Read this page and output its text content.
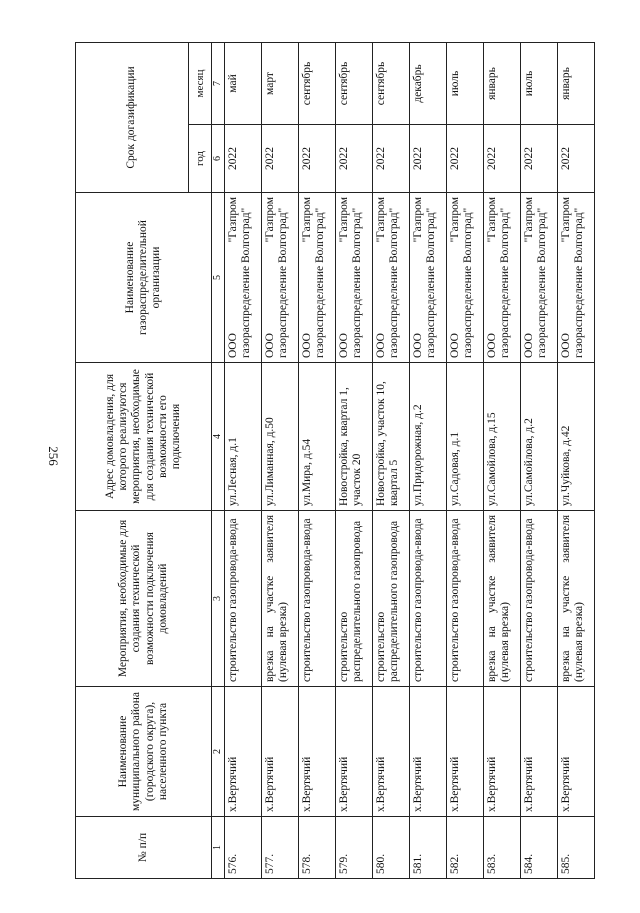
256
№ п/п	Наименование муниципального района (городского округа), населенного пункта	Мероприятия, необходимые для создания технической возможности подключения домовладений	Адрес домовладения, для которого реализуются мероприятия, необходимые для создания технической возможности его подключения	Наименование газораспределительной организации	Срок догазификации	
					год	месяц
1	2	3	4	5	6	7
576.	х.Вертячий	строительство газопровода-ввода	ул.Лесная, д.1	ООО "Газпром газораспределение Волгоград"	2022	май
577.	х.Вертячий	врезка на участке заявителя (нулевая врезка)	ул.Лиманная, д.50	ООО "Газпром газораспределение Волгоград"	2022	март
578.	х.Вертячий	строительство газопровода-ввода	ул.Мира, д.54	ООО "Газпром газораспределение Волгоград"	2022	сентябрь
579.	х.Вертячий	строительство распределительного газопровода	Новостройка, квартал 1, участок 20	ООО "Газпром газораспределение Волгоград"	2022	сентябрь
580.	х.Вертячий	строительство распределительного газопровода	Новостройка, участок 10, квартал 5	ООО "Газпром газораспределение Волгоград"	2022	сентябрь
581.	х.Вертячий	строительство газопровода-ввода	ул.Придорожная, д.2	ООО "Газпром газораспределение Волгоград"	2022	декабрь
582.	х.Вертячий	строительство газопровода-ввода	ул.Садовая, д.1	ООО "Газпром газораспределение Волгоград"	2022	июль
583.	х.Вертячий	врезка на участке заявителя (нулевая врезка)	ул.Самойлова, д.15	ООО "Газпром газораспределение Волгоград"	2022	январь
584.	х.Вертячий	строительство газопровода-ввода	ул.Самойлова, д.2	ООО "Газпром газораспределение Волгоград"	2022	июль
585.	х.Вертячий	врезка на участке заявителя (нулевая врезка)	ул.Чуйкова, д.42	ООО "Газпром газораспределение Волгоград"	2022	январь
